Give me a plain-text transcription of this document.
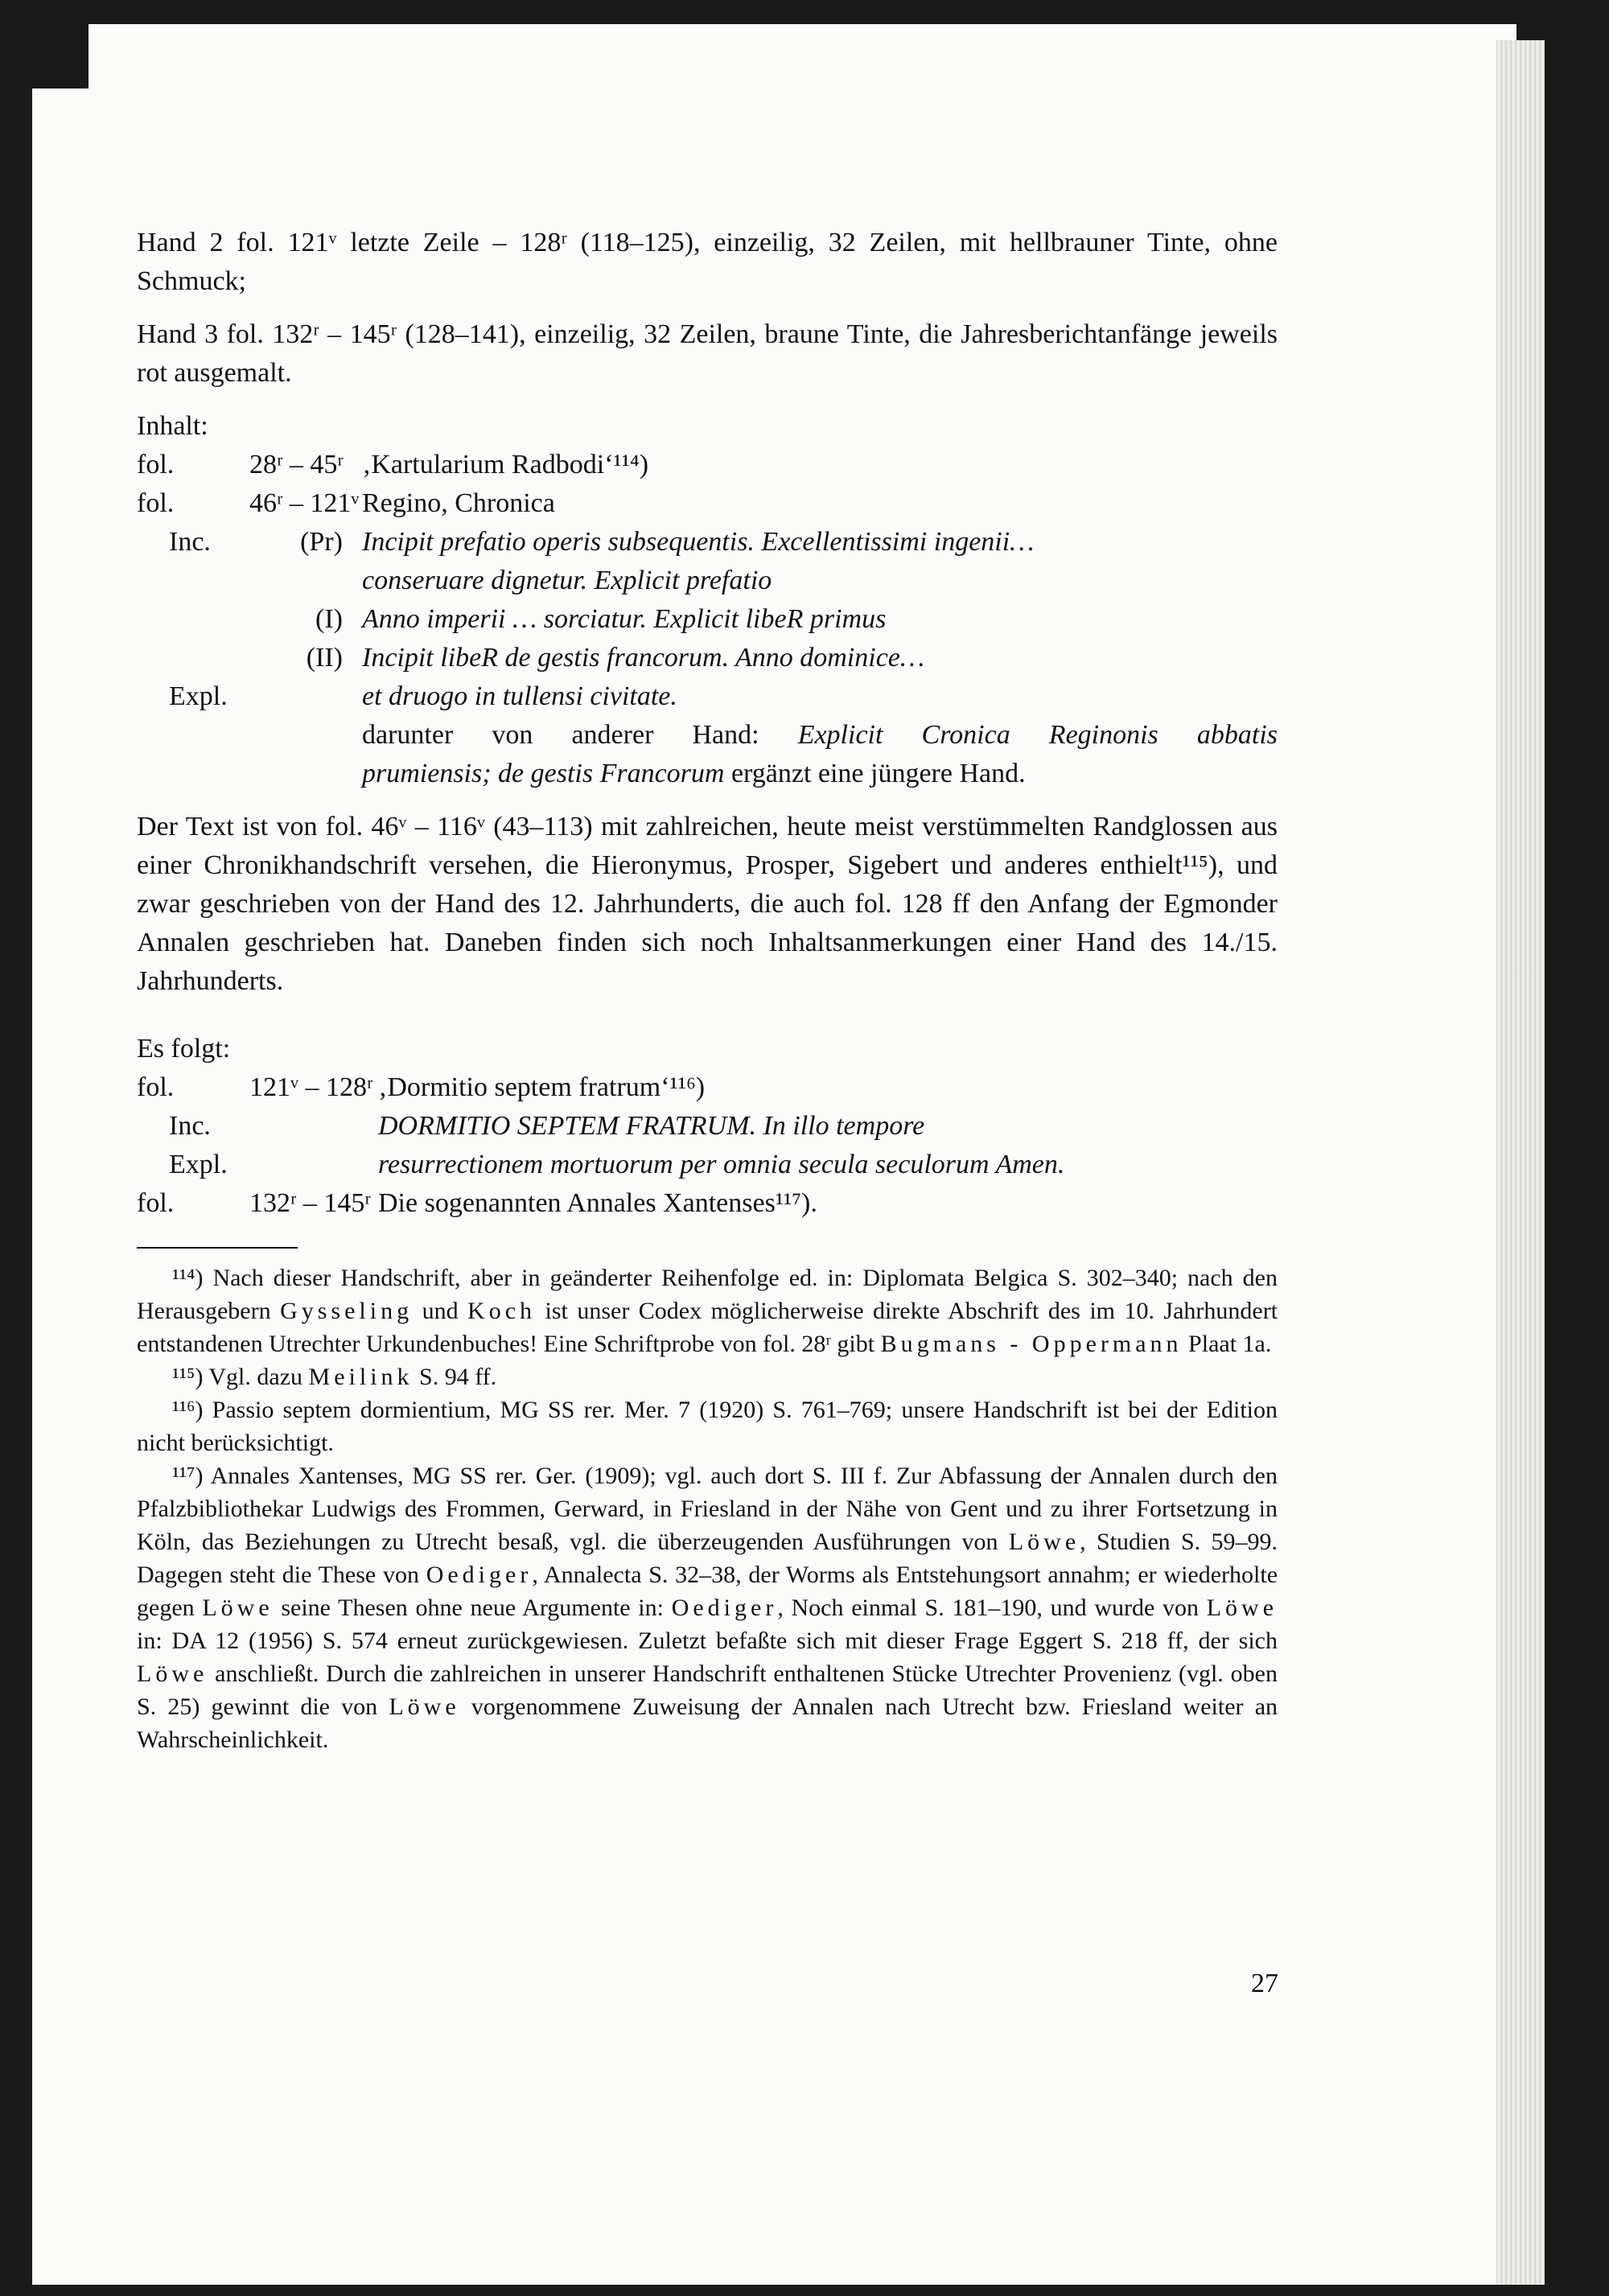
Hand 2 fol. 121ᵛ letzte Zeile – 128ʳ (118–125), einzeilig, 32 Zeilen, mit hellbrauner Tinte, ohne Schmuck;

Hand 3 fol. 132ʳ – 145ʳ (128–141), einzeilig, 32 Zeilen, braune Tinte, die Jahresberichtanfänge jeweils rot ausgemalt.

Inhalt:
fol.	28ʳ – 45ʳ ‚Kartularium Radbodi‘¹¹⁴)
fol.	46ʳ – 121ᵛ Regino, Chronica
Inc.	(Pr) Incipit prefatio operis subsequentis. Excellentissimi ingenii…
conseruare dignetur. Explicit prefatio
(I) Anno imperii … sorciatur. Explicit libeR primus
(II) Incipit libeR de gestis francorum. Anno dominice…
Expl.	et druogo in tullensi civitate.
darunter von anderer Hand: Explicit Cronica Reginonis abbatis
prumiensis; de gestis Francorum ergänzt eine jüngere Hand.

Der Text ist von fol. 46ᵛ – 116ᵛ (43–113) mit zahlreichen, heute meist verstümmelten Randglossen aus einer Chronikhandschrift versehen, die Hieronymus, Prosper, Sigebert und anderes enthielt¹¹⁵), und zwar geschrieben von der Hand des 12. Jahrhunderts, die auch fol. 128 ff den Anfang der Egmonder Annalen geschrieben hat. Daneben finden sich noch Inhaltsanmerkungen einer Hand des 14./15. Jahrhunderts.

Es folgt:
fol.	121ᵛ – 128ʳ ‚Dormitio septem fratrum‘¹¹⁶)
Inc.	DORMITIO SEPTEM FRATRUM. In illo tempore
Expl.	resurrectionem mortuorum per omnia secula seculorum Amen.
fol.	132ʳ – 145ʳ Die sogenannten Annales Xantenses¹¹⁷).

¹¹⁴) Nach dieser Handschrift, aber in geänderter Reihenfolge ed. in: Diplomata Belgica S. 302–340; nach den Herausgebern Gysseling und Koch ist unser Codex möglicherweise direkte Abschrift des im 10. Jahrhundert entstandenen Utrechter Urkundenbuches! Eine Schriftprobe von fol. 28ʳ gibt Bugmans - Oppermann Plaat 1a.

¹¹⁵) Vgl. dazu Meilink S. 94 ff.

¹¹⁶) Passio septem dormientium, MG SS rer. Mer. 7 (1920) S. 761–769; unsere Handschrift ist bei der Edition nicht berücksichtigt.

¹¹⁷) Annales Xantenses, MG SS rer. Ger. (1909); vgl. auch dort S. III f. Zur Abfassung der Annalen durch den Pfalzbibliothekar Ludwigs des Frommen, Gerward, in Friesland in der Nähe von Gent und zu ihrer Fortsetzung in Köln, das Beziehungen zu Utrecht besaß, vgl. die überzeugenden Ausführungen von Löwe, Studien S. 59–99. Dagegen steht die These von Oediger, Annalecta S. 32–38, der Worms als Entstehungsort annahm; er wiederholte gegen Löwe seine Thesen ohne neue Argumente in: Oediger, Noch einmal S. 181–190, und wurde von Löwe in: DA 12 (1956) S. 574 erneut zurückgewiesen. Zuletzt befaßte sich mit dieser Frage Eggert S. 218 ff, der sich Löwe anschließt. Durch die zahlreichen in unserer Handschrift enthaltenen Stücke Utrechter Provenienz (vgl. oben S. 25) gewinnt die von Löwe vorgenommene Zuweisung der Annalen nach Utrecht bzw. Friesland weiter an Wahrscheinlichkeit.

27
